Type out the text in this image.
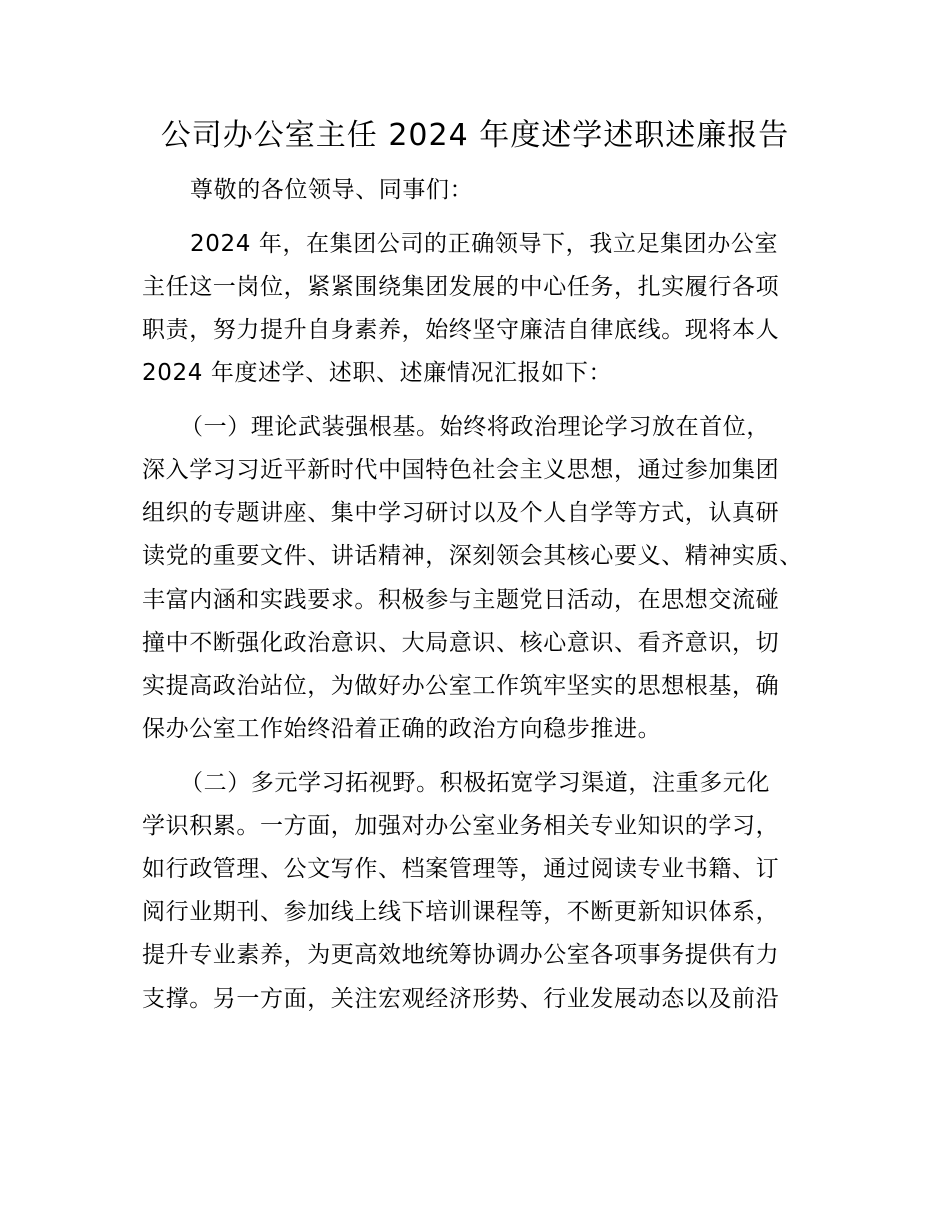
公司办公室主任 2024 年度述学述职述廉报告
尊敬的各位领导、同事们：
2024 年，在集团公司的正确领导下，我立足集团办公室
主任这一岗位，紧紧围绕集团发展的中心任务，扎实履行各项
职责，努力提升自身素养，始终坚守廉洁自律底线。现将本人
2024 年度述学、述职、述廉情况汇报如下：
（一）理论武装强根基。始终将政治理论学习放在首位，
深入学习习近平新时代中国特色社会主义思想，通过参加集团
组织的专题讲座、集中学习研讨以及个人自学等方式，认真研
读党的重要文件、讲话精神，深刻领会其核心要义、精神实质、
丰富内涵和实践要求。积极参与主题党日活动，在思想交流碰
撞中不断强化政治意识、大局意识、核心意识、看齐意识，切
实提高政治站位，为做好办公室工作筑牢坚实的思想根基，确
保办公室工作始终沿着正确的政治方向稳步推进。
（二）多元学习拓视野。积极拓宽学习渠道，注重多元化
学识积累。一方面，加强对办公室业务相关专业知识的学习，
如行政管理、公文写作、档案管理等，通过阅读专业书籍、订
阅行业期刊、参加线上线下培训课程等，不断更新知识体系，
提升专业素养，为更高效地统筹协调办公室各项事务提供有力
支撑。另一方面，关注宏观经济形势、行业发展动态以及前沿
